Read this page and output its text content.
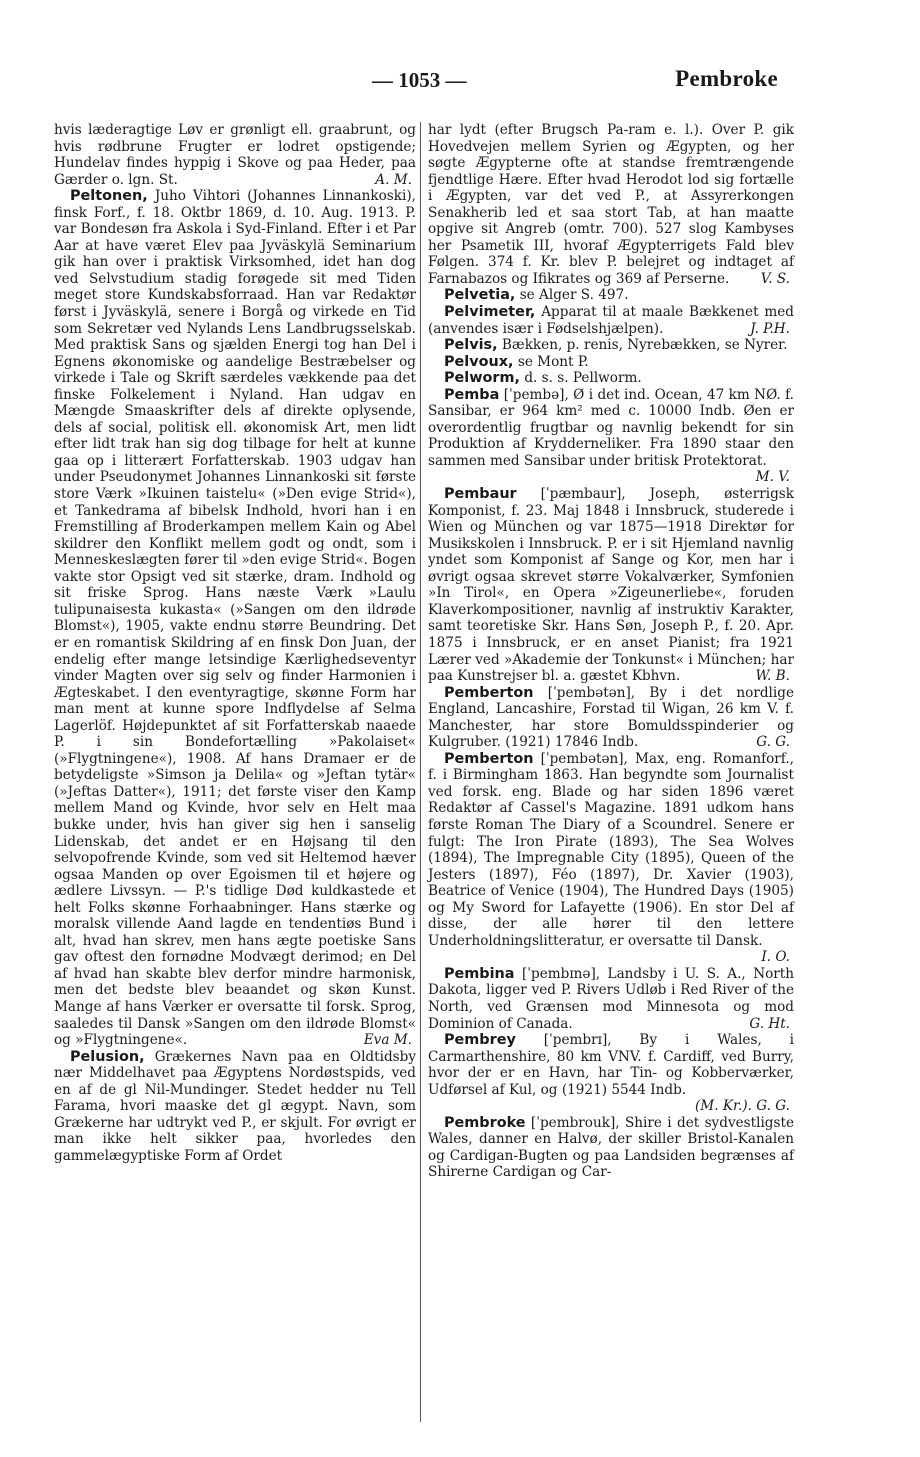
— 1053 —	Pembroke

hvis læderagtige Løv er grønligt ell. graabrunt, og hvis rødbrune Frugter er lodret opstigende; Hundelav findes hyppig i Skove og paa Heder, paa Gærder o. lgn. St.	A. M.

Peltonen, Juho Vihtori (Johannes Linnankoski), finsk Forf., f. 18. Oktbr 1869, d. 10. Aug. 1913. P. var Bondesøn fra Askola i Syd-Finland. Efter i et Par Aar at have været Elev paa Jyväskylä Seminarium gik han over i praktisk Virksomhed, idet han dog ved Selvstudium stadig forøgede sit med Tiden meget store Kundskabsforraad. Han var Redaktør først i Jyväskylä, senere i Borgå og virkede en Tid som Sekretær ved Nylands Lens Landbrugsselskab. Med praktisk Sans og sjælden Energi tog han Del i Egnens økonomiske og aandelige Bestræbelser og virkede i Tale og Skrift særdeles vækkende paa det finske Folkelement i Nyland. Han udgav en Mængde Smaaskrifter dels af direkte oplysende, dels af social, politisk ell. økonomisk Art, men lidt efter lidt trak han sig dog tilbage for helt at kunne gaa op i litterært Forfatterskab. 1903 udgav han under Pseudonymet Johannes Linnankoski sit første store Værk »Ikuinen taistelu« (»Den evige Strid«), et Tankedrama af bibelsk Indhold, hvori han i en Fremstilling af Broderkampen mellem Kain og Abel skildrer den Konflikt mellem godt og ondt, som i Menneskeslægten fører til »den evige Strid«. Bogen vakte stor Opsigt ved sit stærke, dram. Indhold og sit friske Sprog. Hans næste Værk »Laulu tulipunaisesta kukasta« (»Sangen om den ildrøde Blomst«), 1905, vakte endnu større Beundring. Det er en romantisk Skildring af en finsk Don Juan, der endelig efter mange letsindige Kærlighedseventyr vinder Magten over sig selv og finder Harmonien i Ægteskabet. I den eventyragtige, skønne Form har man ment at kunne spore Indflydelse af Selma Lagerlöf. Højdepunktet af sit Forfatterskab naaede P. i sin Bondefortælling »Pakolaiset« (»Flygtningene«), 1908. Af hans Dramaer er de betydeligste »Simson ja Delila« og »Jeftan tytär« (»Jeftas Datter«), 1911; det første viser den Kamp mellem Mand og Kvinde, hvor selv en Helt maa bukke under, hvis han giver sig hen i sanselig Lidenskab, det andet er en Højsang til den selvopofrende Kvinde, som ved sit Heltemod hæver ogsaa Manden op over Egoismen til et højere og ædlere Livssyn. — P.'s tidlige Død kuldkastede et helt Folks skønne Forhaabninger. Hans stærke og moralsk villende Aand lagde en tendentiøs Bund i alt, hvad han skrev, men hans ægte poetiske Sans gav oftest den fornødne Modvægt derimod; en Del af hvad han skabte blev derfor mindre harmonisk, men det bedste blev beaandet og skøn Kunst. Mange af hans Værker er oversatte til forsk. Sprog, saaledes til Dansk »Sangen om den ildrøde Blomst« og »Flygtningene«.	Eva M.

Pelusion, Grækernes Navn paa en Oldtidsby nær Middelhavet paa Ægyptens Nordøstspids, ved en af de gl Nil-Mundinger. Stedet hedder nu Tell Farama, hvori maaske det gl ægypt. Navn, som Grækerne har udtrykt ved P., er skjult. For øvrigt er man ikke helt sikker paa, hvorledes den gammelægyptiske Form af Ordet

har lydt (efter Brugsch Pa-ram e. l.). Over P. gik Hovedvejen mellem Syrien og Ægypten, og her søgte Ægypterne ofte at standse fremtrængende fjendtlige Hære. Efter hvad Herodot lod sig fortælle i Ægypten, var det ved P., at Assyrerkongen Senakherib led et saa stort Tab, at han maatte opgive sit Angreb (omtr. 700). 527 slog Kambyses her Psametik III, hvoraf Ægypterrigets Fald blev Følgen. 374 f. Kr. blev P. belejret og indtaget af Farnabazos og Ifikrates og 369 af Perserne. V. S.

Pelvetia, se Alger S. 497.

Pelvimeter, Apparat til at maale Bækkenet med (anvendes især i Fødselshjælpen).	J. P.H.

Pelvis, Bækken, p. renis, Nyrebækken, se Nyrer.

Pelvoux, se Mont P.

Pelworm, d. s. s. Pellworm.

Pemba [ˈpembə], Ø i det ind. Ocean, 47 km NØ. f. Sansibar, er 964 km² med c. 10000 Indb. Øen er overordentlig frugtbar og navnlig bekendt for sin Produktion af Krydderneliker. Fra 1890 staar den sammen med Sansibar under britisk Protektorat.
M. V.

Pembaur [ˈpæmbaur], Joseph, østerrigsk Komponist, f. 23. Maj 1848 i Innsbruck, studerede i Wien og München og var 1875—1918 Direktør for Musikskolen i Innsbruck. P. er i sit Hjemland navnlig yndet som Komponist af Sange og Kor, men har i øvrigt ogsaa skrevet større Vokalværker, Symfonien »In Tirol«, en Opera »Zigeunerliebe«, foruden Klaverkompositioner, navnlig af instruktiv Karakter, samt teoretiske Skr. Hans Søn, Joseph P., f. 20. Apr. 1875 i Innsbruck, er en anset Pianist; fra 1921 Lærer ved »Akademie der Tonkunst« i München; har paa Kunstrejser bl. a. gæstet Kbhvn.	W. B.

Pemberton [ˈpembətən], By i det nordlige England, Lancashire, Forstad til Wigan, 26 km V. f. Manchester, har store Bomuldsspinderier og Kulgruber. (1921) 17846 Indb.	G. G.

Pemberton [ˈpembətən], Max, eng. Romanforf., f. i Birmingham 1863. Han begyndte som Journalist ved forsk. eng. Blade og har siden 1896 været Redaktør af Cassel's Magazine. 1891 udkom hans første Roman The Diary of a Scoundrel. Senere er fulgt: The Iron Pirate (1893), The Sea Wolves (1894), The Impregnable City (1895), Queen of the Jesters (1897), Féo (1897), Dr. Xavier (1903), Beatrice of Venice (1904), The Hundred Days (1905) og My Sword for Lafayette (1906). En stor Del af disse, der alle hører til den lettere Underholdningslitteratur, er oversatte til Dansk.
I. O.

Pembina [ˈpembɪnə], Landsby i U. S. A., North Dakota, ligger ved P. Rivers Udløb i Red River of the North, ved Grænsen mod Minnesota og mod Dominion of Canada.	G. Ht.

Pembrey [ˈpembrɪ], By i Wales, i Carmarthenshire, 80 km VNV. f. Cardiff, ved Burry, hvor der er en Havn, har Tin- og Kobberværker, Udførsel af Kul, og (1921) 5544 Indb.
(M. Kr.). G. G.

Pembroke [ˈpembrouk], Shire i det sydvestligste Wales, danner en Halvø, der skiller Bristol-Kanalen og Cardigan-Bugten og paa Landsiden begrænses af Shirerne Cardigan og Car-
